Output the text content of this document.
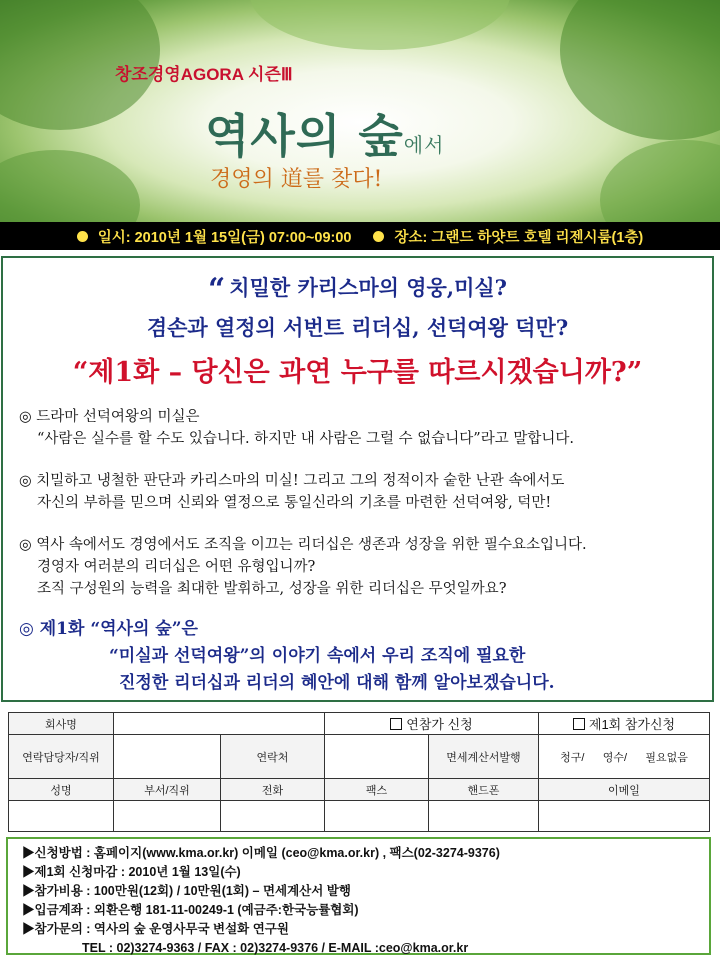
창조경영AGORA 시즌Ⅲ
역사의 숲에서
경영의 道를 찾다!
일시: 2010년 1월 15일(금) 07:00~09:00	장소: 그랜드 하얏트 호텔 리젠시룸(1층)
“ 치밀한 카리스마의 영웅,미실?
겸손과 열정의 서번트 리더십, 선덕여왕 덕만?
“제1화 – 당신은 과연 누구를 따르시겠습니까?”
◎ 드라마 선덕여왕의 미실은
“사람은 실수를 할 수도 있습니다. 하지만 내 사람은 그럴 수 없습니다”라고 말합니다.
◎ 치밀하고 냉철한 판단과 카리스마의 미실! 그리고 그의 정적이자 숱한 난관 속에서도
자신의 부하를 믿으며 신뢰와 열정으로 통일신라의 기초를 마련한 선덕여왕, 덕만!
◎ 역사 속에서도 경영에서도 조직을 이끄는 리더십은 생존과 성장을 위한 필수요소입니다.
경영자 여러분의 리더십은 어떤 유형입니까?
조직 구성원의 능력을 최대한 발휘하고, 성장을 위한 리더십은 무엇일까요?
◎ 제1화 “역사의 숲”은
“미실과 선덕여왕”의 이야기 속에서 우리 조직에 필요한
진정한 리더십과 리더의 혜안에 대해 함께 알아보겠습니다.
회사명			연참가 신청		제1회 참가신청
연락담당자/직위		연락처		면세계산서발행	청구/      영수/      필요없음
성명	부서/직위	전화	팩스	핸드폰	이메일

▶신청방법 : 홈페이지(www.kma.or.kr) 이메일 (ceo@kma.or.kr) , 팩스(02-3274-9376)
▶제1회 신청마감 : 2010년 1월 13일(수)
▶참가비용 : 100만원(12회) / 10만원(1회) – 면세계산서 발행
▶입금계좌 : 외환은행 181-11-00249-1 (예금주:한국능률협회)
▶참가문의 : 역사의 숲 운영사무국 변설화 연구원
TEL : 02)3274-9363 / FAX : 02)3274-9376 / E-MAIL :ceo@kma.or.kr
